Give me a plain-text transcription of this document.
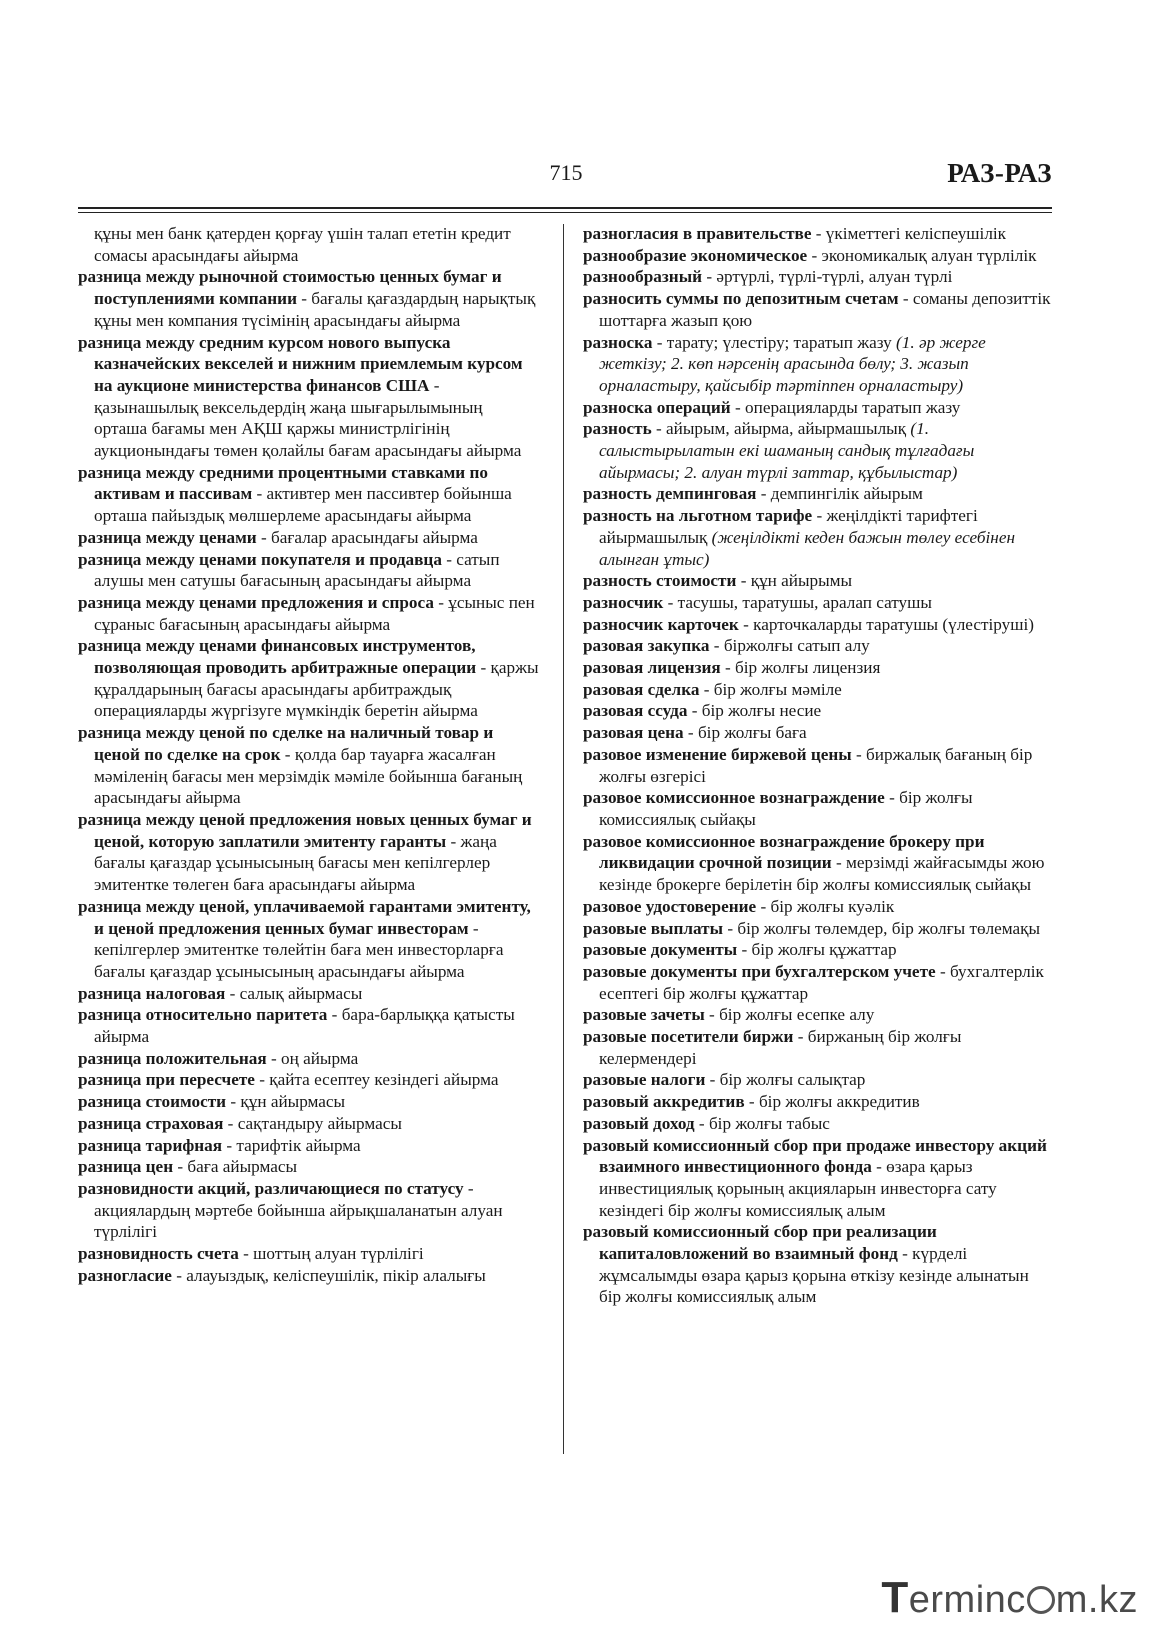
715	РАЗ-РАЗ

құны мен банк қатерден қорғау үшін талап ететін кредит сомасы арасындағы айырма

разница между рыночной стоимостью ценных бумаг и поступлениями компании - бағалы қағаздардың нарықтық құны мен компания түсімінің арасындағы айырма

разница между средним курсом нового выпуска казначейских векселей и нижним приемлемым курсом на аукционе министерства финансов США - қазынашылық вексельдердің жаңа шығарылымының орташа бағамы мен АҚШ қаржы министрлігінің аукционындағы төмен қолайлы бағам арасындағы айырма

разница между средними процентными ставками по активам и пассивам - активтер мен пассивтер бойынша орташа пайыздық мөлшерлеме арасындағы айырма

разница между ценами - бағалар арасындағы айырма

разница между ценами покупателя и продавца - сатып алушы мен сатушы бағасының арасындағы айырма

разница между ценами предложения и спроса - ұсыныс пен сұраныс бағасының арасындағы айырма

разница между ценами финансовых инструментов, позволяющая проводить арбитражные операции - қаржы құралдарының бағасы арасындағы арбитраждық операцияларды жүргізуге мүмкіндік беретін айырма

разница между ценой по сделке на наличный товар и ценой по сделке на срок - қолда бар тауарға жасалған мәміленің бағасы мен мерзімдік мәміле бойынша бағаның арасындағы айырма

разница между ценой предложения новых ценных бумаг и ценой, которую заплатили эмитенту гаранты - жаңа бағалы қағаздар ұсынысының бағасы мен кепілгерлер эмитентке төлеген баға арасындағы айырма

разница между ценой, уплачиваемой гарантами эмитенту, и ценой предложения ценных бумаг инвесторам - кепілгерлер эмитентке төлейтін баға мен инвесторларға бағалы қағаздар ұсынысының арасындағы айырма

разница налоговая - салық айырмасы

разница относительно паритета - бара-барлыққа қатысты айырма

разница положительная - оң айырма

разница при пересчете - қайта есептеу кезіндегі айырма

разница стоимости - құн айырмасы

разница страховая - сақтандыру айырмасы

разница тарифная - тарифтік айырма

разница цен - баға айырмасы

разновидности акций, различающиеся по статусу - акциялардың мәртебе бойынша айрықшаланатын алуан түрлілігі

разновидность счета - шоттың алуан түрлілігі

разногласие - алауыздық, келіспеушілік, пікір алалығы

разногласия в правительстве - үкіметтегі келіспеушілік

разнообразие экономическое - экономикалық алуан түрлілік

разнообразный - әртүрлі, түрлі-түрлі, алуан түрлі

разносить суммы по депозитным счетам - соманы депозиттік шоттарға жазып қою

разноска - тарату; үлестіру; таратып жазу (1. әр жерге жеткізу; 2. көп нәрсенің арасында бөлу; 3. жазып орналастыру, қайсыбір тәртіппен орналастыру)

разноска операций - операцияларды таратып жазу

разность - айырым, айырма, айырмашылық (1. салыстырылатын екі шаманың сандық тұлғадағы айырмасы; 2. алуан түрлі заттар, құбылыстар)

разность демпинговая - демпингілік айырым

разность на льготном тарифе - жеңілдікті тарифтегі айырмашылық (жеңілдікті кеден бажын төлеу есебінен алынған ұтыс)

разность стоимости - құн айырымы

разносчик - тасушы, таратушы, аралап сатушы

разносчик карточек - карточкаларды таратушы (үлестіруші)

разовая закупка - біржолғы сатып алу

разовая лицензия - бір жолғы лицензия

разовая сделка - бір жолғы мәміле

разовая ссуда - бір жолғы несие

разовая цена - бір жолғы баға

разовое изменение биржевой цены - биржалық бағаның бір жолғы өзгерісі

разовое комиссионное вознаграждение - бір жолғы комиссиялық сыйақы

разовое комиссионное вознаграждение брокеру при ликвидации срочной позиции - мерзімді жайғасымды жою кезінде брокерге берілетін бір жолғы комиссиялық сыйақы

разовое удостоверение - бір жолғы куәлік

разовые выплаты - бір жолғы төлемдер, бір жолғы төлемақы

разовые документы - бір жолғы құжаттар

разовые документы при бухгалтерском учете - бухгалтерлік есептегі бір жолғы құжаттар

разовые зачеты - бір жолғы есепке алу

разовые посетители биржи - биржаның бір жолғы келермендері

разовые налоги - бір жолғы салықтар

разовый аккредитив - бір жолғы аккредитив

разовый доход - бір жолғы табыс

разовый комиссионный сбор при продаже инвестору акций взаимного инвестиционного фонда - өзара қарыз инвестициялық қорының акцияларын инвесторға сату кезіндегі бір жолғы комиссиялық алым

разовый комиссионный сбор при реализации капиталовложений во взаимный фонд - күрделі жұмсалымды өзара қарыз қорына өткізу кезінде алынатын бір жолғы комиссиялық алым

Terminc m.kz
